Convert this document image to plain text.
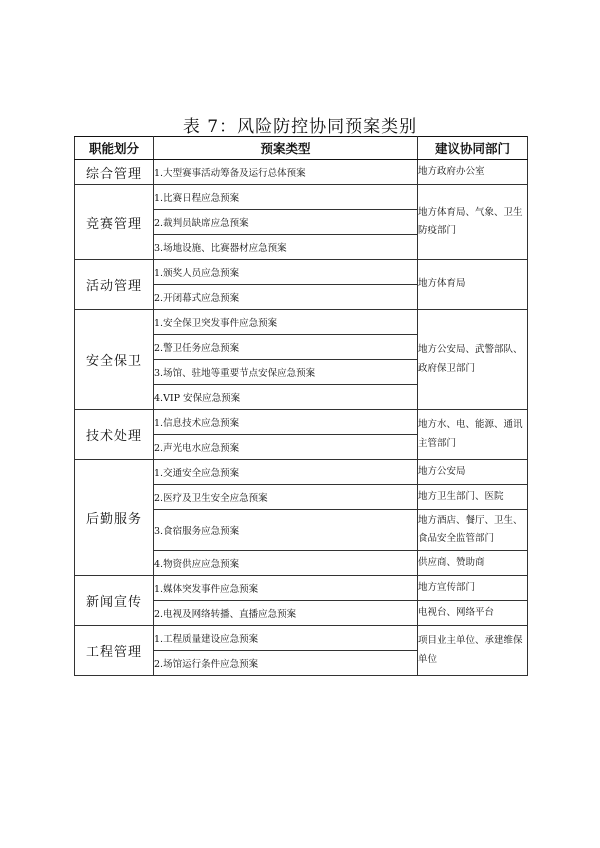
表 7：风险防控协同预案类别
职能划分	预案类型	建议协同部门
综合管理	1.大型赛事活动筹备及运行总体预案	地方政府办公室
竞赛管理	1.比赛日程应急预案	地方体育局、气象、卫生防疫部门
	2.裁判员缺席应急预案	
	3.场地设施、比赛器材应急预案	
活动管理	1.颁奖人员应急预案	地方体育局
	2.开闭幕式应急预案	
安全保卫	1.安全保卫突发事件应急预案	地方公安局、武警部队、政府保卫部门
	2.警卫任务应急预案	
	3.场馆、驻地等重要节点安保应急预案	
	4.VIP 安保应急预案	
技术处理	1.信息技术应急预案	地方水、电、能源、通讯主管部门
	2.声光电水应急预案	
后勤服务	1.交通安全应急预案	地方公安局
	2.医疗及卫生安全应急预案	地方卫生部门、医院
	3.食宿服务应急预案	地方酒店、餐厅、卫生、食品安全监管部门
	4.物资供应应急预案	供应商、赞助商
新闻宣传	1.媒体突发事件应急预案	地方宣传部门
	2.电视及网络转播、直播应急预案	电视台、网络平台
工程管理	1.工程质量建设应急预案	项目业主单位、承建维保单位
	2.场馆运行条件应急预案	
